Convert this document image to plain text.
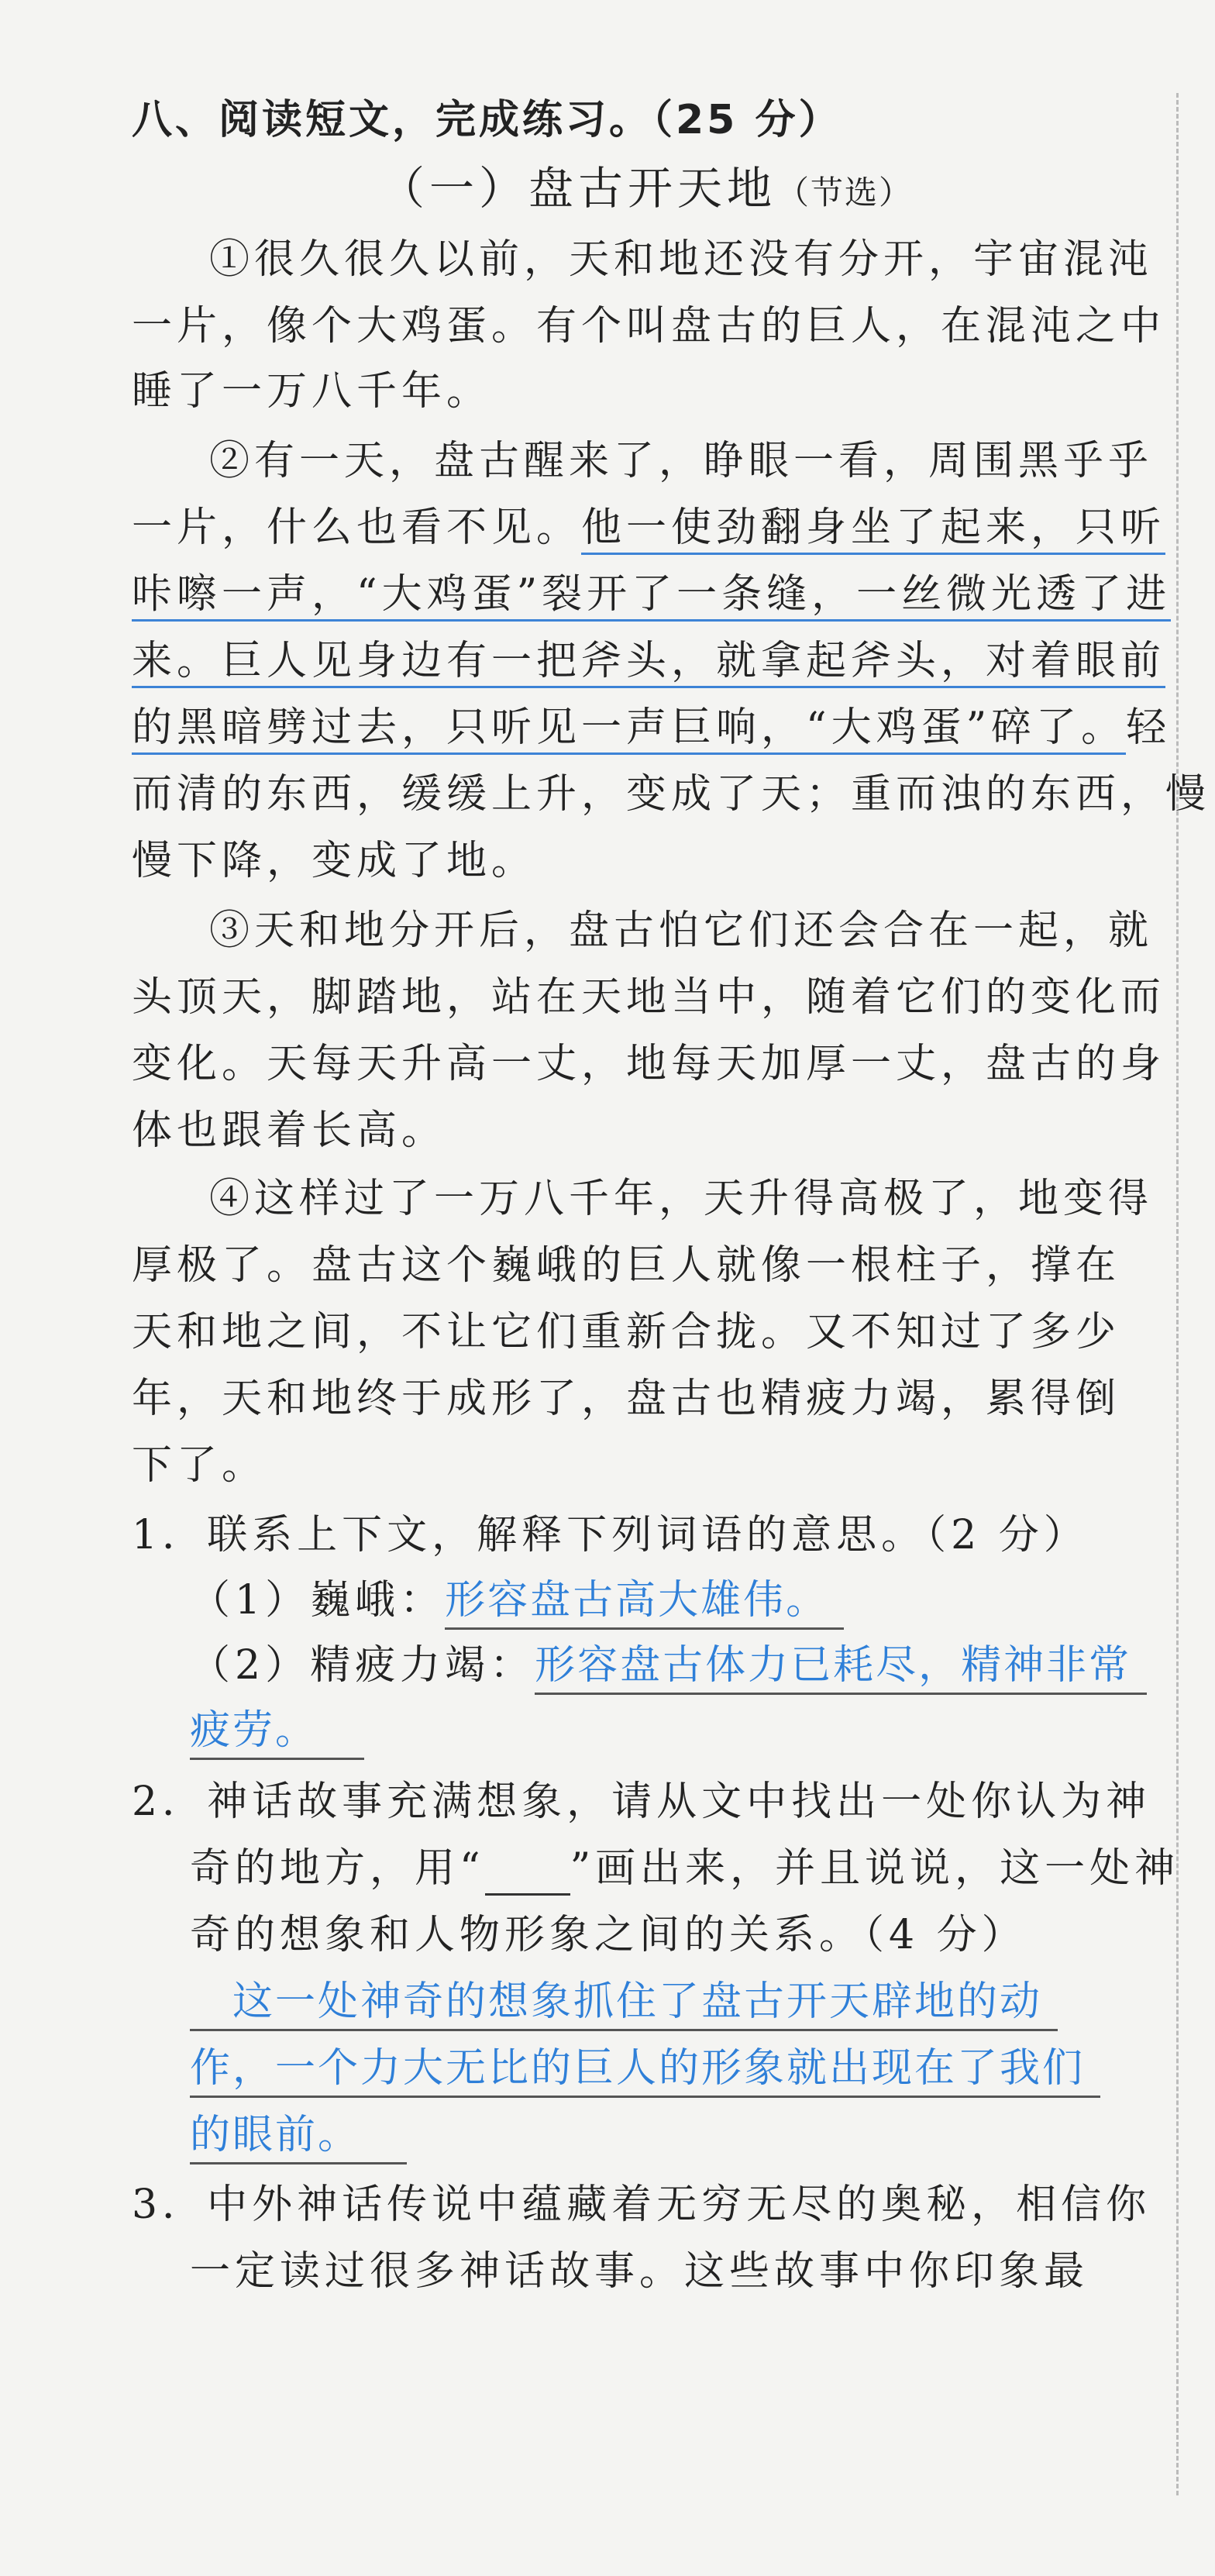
八、阅读短文，完成练习。（25 分）
（一）盘古开天地（节选）
①很久很久以前，天和地还没有分开，宇宙混沌
一片，像个大鸡蛋。有个叫盘古的巨人，在混沌之中
睡了一万八千年。
②有一天，盘古醒来了，睁眼一看，周围黑乎乎
一片，什么也看不见。他一使劲翻身坐了起来，只听
咔嚓一声，“大鸡蛋”裂开了一条缝，一丝微光透了进
来。巨人见身边有一把斧头，就拿起斧头，对着眼前
的黑暗劈过去，只听见一声巨响，“大鸡蛋”碎了。轻
而清的东西，缓缓上升，变成了天；重而浊的东西，慢
慢下降，变成了地。
③天和地分开后，盘古怕它们还会合在一起，就
头顶天，脚踏地，站在天地当中，随着它们的变化而
变化。天每天升高一丈，地每天加厚一丈，盘古的身
体也跟着长高。
④这样过了一万八千年，天升得高极了，地变得
厚极了。盘古这个巍峨的巨人就像一根柱子，撑在
天和地之间，不让它们重新合拢。又不知过了多少
年，天和地终于成形了，盘古也精疲力竭，累得倒
下了。
1．联系上下文，解释下列词语的意思。（2 分）
（1）巍峨：形容盘古高大雄伟。
（2）精疲力竭：形容盘古体力已耗尽，精神非常
疲劳。
2．神话故事充满想象，请从文中找出一处你认为神
奇的地方，用“ ”画出来，并且说说，这一处神
奇的想象和人物形象之间的关系。（4 分）
这一处神奇的想象抓住了盘古开天辟地的动
作，一个力大无比的巨人的形象就出现在了我们
的眼前。
3．中外神话传说中蕴藏着无穷无尽的奥秘，相信你
一定读过很多神话故事。这些故事中你印象最
